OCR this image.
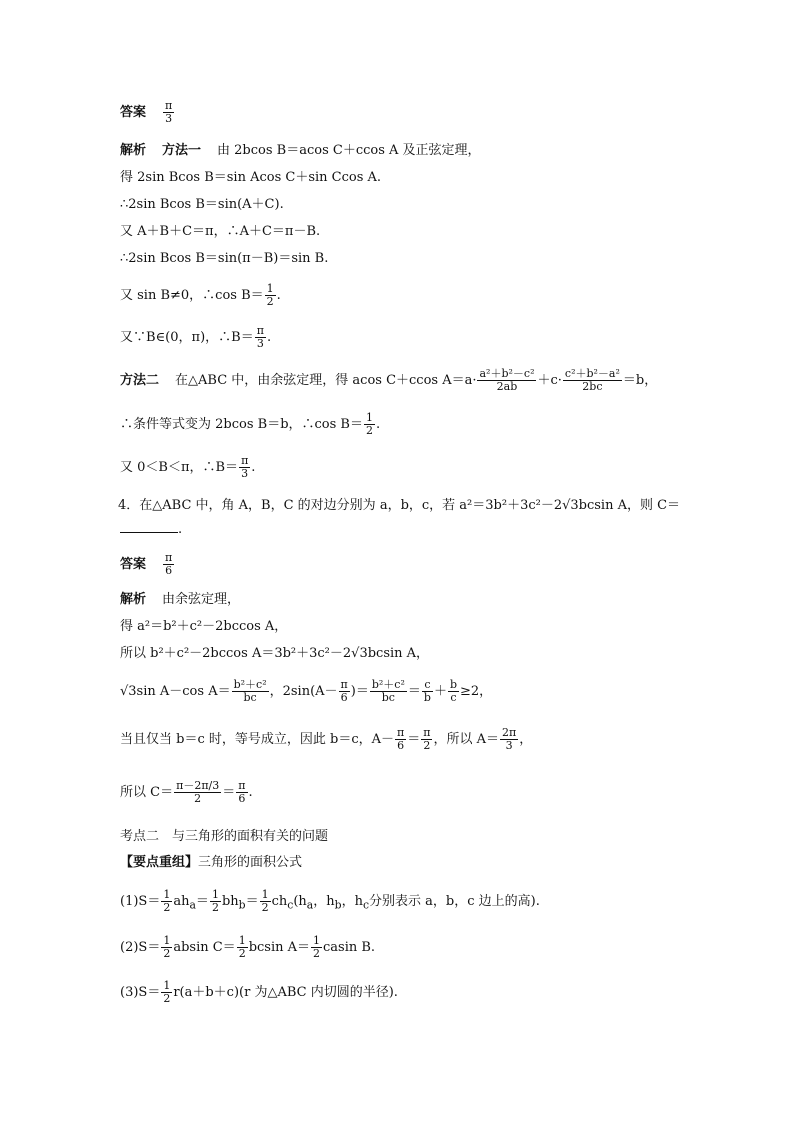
答案 $\frac{\pi}{3}$
解析 方法一 由 2bcos B＝acos C＋ccos A 及正弦定理，
得 2sin Bcos B＝sin Acos C＋sin Ccos A.
∴2sin Bcos B＝sin(A＋C).
又 A＋B＋C＝π，∴A＋C＝π－B.
∴2sin Bcos B＝sin(π－B)＝sin B.
又 sin B≠0，∴cos $B= \frac{1}{2}$ .
又∵B∈(0，π)，∴B＝ $\frac{\pi}{3}$ .
方法二 在△ABC 中，由余弦定理，得 acos C＋ccos $A=a\cdot \frac{\text{a²＋b²－c²}}{2ab} +c\cdot \frac{\text{c²＋b²－a²}}{2bc} =b$，
∴条件等式变为 2bcos B＝b，∴cos $B= \frac{1}{2}$ .
又 0＜B＜π，∴B＝ $\frac{\pi}{3}$ .
4．在△ABC 中，角 A，B，C 的对边分别为 a，b，c，若 a²＝3b²＋3c²－2√3bcsin A，则 C＝
.
答案 $\frac{\pi}{6}$
解析 由余弦定理，
得 a²＝b²＋c²－2bccos A，
所以 b²＋c²－2bccos A＝3b²＋3c²－2√3bcsin A，
√3sin A－cos $A= \frac{\text{b²＋c²}}{bc}$ ，$2\sin(A- \frac{\pi}{6}$ )＝ $\frac{\text{b²＋c²}}{bc} = \frac{c}{b} + \frac{b}{c} \ge 2$，
当且仅当 b＝c 时，等号成立，因此 b＝c，$A- \frac{\pi}{6} = \frac{\pi}{2}$ ，所以 $A= \frac{2\pi}{3}$ ，
所以 $C= \frac{\pi-2\pi/3}{2} = \frac{\pi}{6}$ .
考点二　与三角形的面积有关的问题
【要点重组】三角形的面积公式
$(1)S= \frac{1}{2} ah_a= \frac{1}{2} bh_b= \frac{1}{2} ch_c(h_a$，$h_b$，$h_c$分别表示 a，b，c 边上的高).
$(2)S= \frac{1}{2}$ absin $C= \frac{1}{2}$ bcsin $A= \frac{1}{2}$ casin B.
$(3)S= \frac{1}{2} r(a+b+c)(r$ 为△ABC 内切圆的半径).
